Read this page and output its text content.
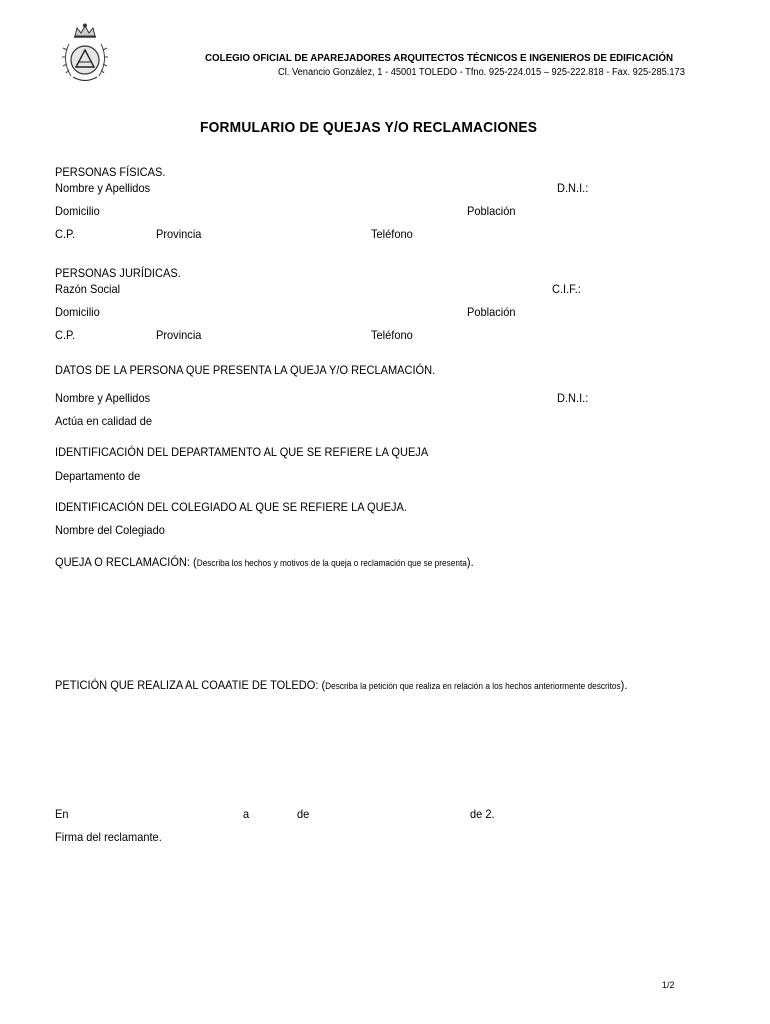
COLEGIO OFICIAL DE APAREJADORES ARQUITECTOS TÉCNICOS E INGENIEROS DE EDIFICACIÓN
Cl. Venancio González, 1 - 45001 TOLEDO - Tfno. 925-224.015 – 925-222.818 - Fax. 925-285.173
FORMULARIO DE QUEJAS Y/O RECLAMACIONES
PERSONAS FÍSICAS.
Nombre y Apellidos	D.N.I.:
Domicilio	Población
C.P.	Provincia	Teléfono
PERSONAS JURÍDICAS.
Razón Social	C.I.F.:
Domicilio	Población
C.P.	Provincia	Teléfono
DATOS DE LA PERSONA QUE PRESENTA LA QUEJA Y/O RECLAMACIÓN.
Nombre y Apellidos	D.N.I.:
Actúa en calidad de
IDENTIFICACIÓN DEL DEPARTAMENTO AL QUE SE REFIERE LA QUEJA
Departamento de
IDENTIFICACIÓN DEL COLEGIADO AL QUE SE REFIERE LA QUEJA.
Nombre del Colegiado
QUEJA O RECLAMACIÓN: (Describa los hechos y motivos de la queja o reclamación que se presenta).
PETICIÓN QUE REALIZA AL COAATIE DE TOLEDO: (Describa la petición que realiza en relación a los hechos anteriormente descritos).
En	a	de	de 2.
Firma del reclamante.
1/2
